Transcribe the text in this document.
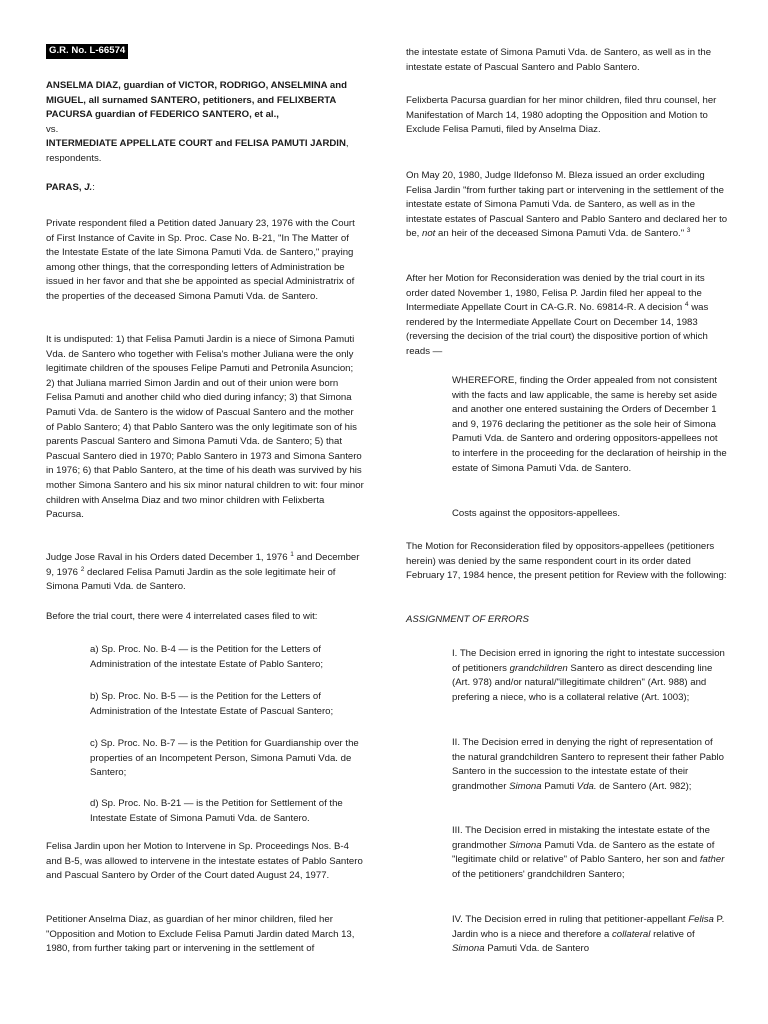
G.R. No. L-66574

ANSELMA DIAZ, guardian of VICTOR, RODRIGO, ANSELMINA and MIGUEL, all surnamed SANTERO, petitioners, and FELIXBERTA PACURSA guardian of FEDERICO SANTERO, et al.,

vs.

INTERMEDIATE APPELLATE COURT and FELISA PAMUTI JARDIN, respondents.

PARAS, J.:

Private respondent filed a Petition dated January 23, 1976 with the Court of First Instance of Cavite in Sp. Proc. Case No. B-21, "In The Matter of the Intestate Estate of the late Simona Pamuti Vda. de Santero," praying among other things, that the corresponding letters of Administration be issued in her favor and that she be appointed as special Administratrix of the properties of the deceased Simona Pamuti Vda. de Santero.

It is undisputed: 1) that Felisa Pamuti Jardin is a niece of Simona Pamuti Vda. de Santero who together with Felisa's mother Juliana were the only legitimate children of the spouses Felipe Pamuti and Petronila Asuncion; 2) that Juliana married Simon Jardin and out of their union were born Felisa Pamuti and another child who died during infancy; 3) that Simona Pamuti Vda. de Santero is the widow of Pascual Santero and the mother of Pablo Santero; 4) that Pablo Santero was the only legitimate son of his parents Pascual Santero and Simona Pamuti Vda. de Santero; 5) that Pascual Santero died in 1970; Pablo Santero in 1973 and Simona Santero in 1976; 6) that Pablo Santero, at the time of his death was survived by his mother Simona Santero and his six minor natural children to wit: four minor children with Anselma Diaz and two minor children with Felixberta Pacursa.

Judge Jose Raval in his Orders dated December 1, 1976 $^1$ and December 9, 1976 $^2$ declared Felisa Pamuti Jardin as the sole legitimate heir of Simona Pamuti Vda. de Santero.

Before the trial court, there were 4 interrelated cases filed to wit:

a) Sp. Proc. No. B-4 — is the Petition for the Letters of Administration of the intestate Estate of Pablo Santero;

b) Sp. Proc. No. B-5 — is the Petition for the Letters of Administration of the Intestate Estate of Pascual Santero;

c) Sp. Proc. No. B-7 — is the Petition for Guardianship over the properties of an Incompetent Person, Simona Pamuti Vda. de Santero;

d) Sp. Proc. No. B-21 — is the Petition for Settlement of the Intestate Estate of Simona Pamuti Vda. de Santero.

Felisa Jardin upon her Motion to Intervene in Sp. Proceedings Nos. B-4 and B-5, was allowed to intervene in the intestate estates of Pablo Santero and Pascual Santero by Order of the Court dated August 24, 1977.

Petitioner Anselma Diaz, as guardian of her minor children, filed her "Opposition and Motion to Exclude Felisa Pamuti Jardin dated March 13, 1980, from further taking part or intervening in the settlement of

the intestate estate of Simona Pamuti Vda. de Santero, as well as in the intestate estate of Pascual Santero and Pablo Santero.

Felixberta Pacursa guardian for her minor children, filed thru counsel, her Manifestation of March 14, 1980 adopting the Opposition and Motion to Exclude Felisa Pamuti, filed by Anselma Diaz.

On May 20, 1980, Judge Ildefonso M. Bleza issued an order excluding Felisa Jardin "from further taking part or intervening in the settlement of the intestate estate of Simona Pamuti Vda. de Santero, as well as in the intestate estates of Pascual Santero and Pablo Santero and declared her to be, not an heir of the deceased Simona Pamuti Vda. de Santero." $^3$

After her Motion for Reconsideration was denied by the trial court in its order dated November 1, 1980, Felisa P. Jardin filed her appeal to the Intermediate Appellate Court in CA-G.R. No. 69814-R. A decision $^4$ was rendered by the Intermediate Appellate Court on December 14, 1983 (reversing the decision of the trial court) the dispositive portion of which reads —

WHEREFORE, finding the Order appealed from not consistent with the facts and law applicable, the same is hereby set aside and another one entered sustaining the Orders of December 1 and 9, 1976 declaring the petitioner as the sole heir of Simona Pamuti Vda. de Santero and ordering oppositors-appellees not to interfere in the proceeding for the declaration of heirship in the estate of Simona Pamuti Vda. de Santero.

Costs against the oppositors-appellees.

The Motion for Reconsideration filed by oppositors-appellees (petitioners herein) was denied by the same respondent court in its order dated February 17, 1984 hence, the present petition for Review with the following:

ASSIGNMENT OF ERRORS

I. The Decision erred in ignoring the right to intestate succession of petitioners grandchildren Santero as direct descending line (Art. 978) and/or natural/"illegitimate children" (Art. 988) and prefering a niece, who is a collateral relative (Art. 1003);

II. The Decision erred in denying the right of representation of the natural grandchildren Santero to represent their father Pablo Santero in the succession to the intestate estate of their grandmother Simona Pamuti Vda. de Santero (Art. 982);

III. The Decision erred in mistaking the intestate estate of the grandmother Simona Pamuti Vda. de Santero as the estate of "legitimate child or relative" of Pablo Santero, her son and father of the petitioners' grandchildren Santero;

IV. The Decision erred in ruling that petitioner-appellant Felisa P. Jardin who is a niece and therefore a collateral relative of Simona Pamuti Vda. de Santero
